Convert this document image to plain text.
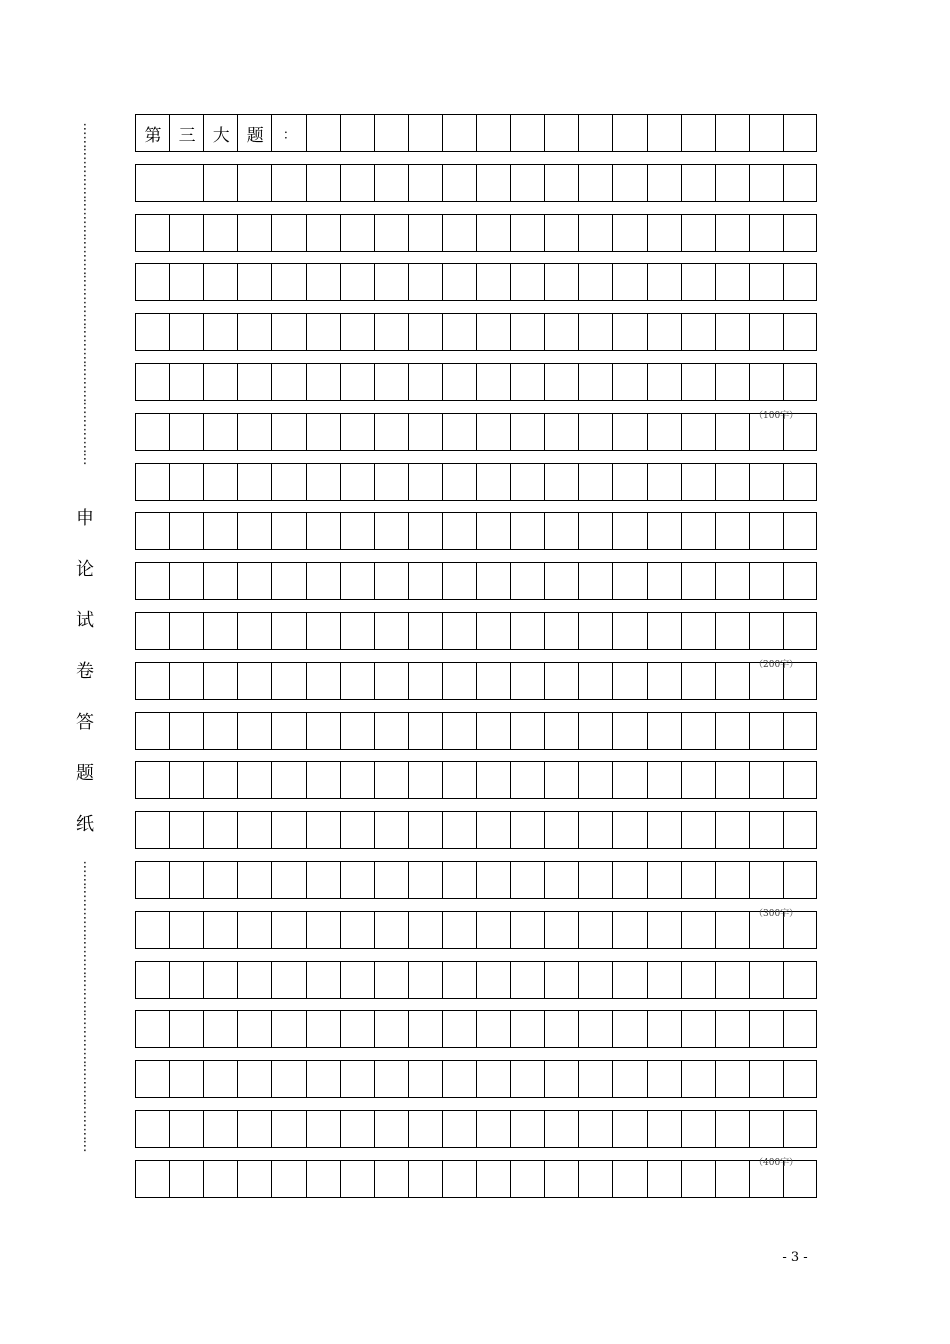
⋮
⋮
⋮
⋮
⋮
⋮
⋮
⋮
⋮
⋮
⋮
⋮
⋮
⋮
⋮
⋮
⋮
⋮
⋮
⋮
⋮
⋮
⋮
⋮
⋮
⋮
⋮
⋮
⋮
⋮
⋮
⋮
⋮
⋮
⋮
⋮
⋮
⋮
⋮
⋮
⋮
⋮
⋮
⋮
⋮
⋮
⋮
⋮
⋮
⋮
申
论
试
卷
答
题
纸
第	三	大	题	：
（100字）
（200字）
（300字）
（400字）
- 3 -
